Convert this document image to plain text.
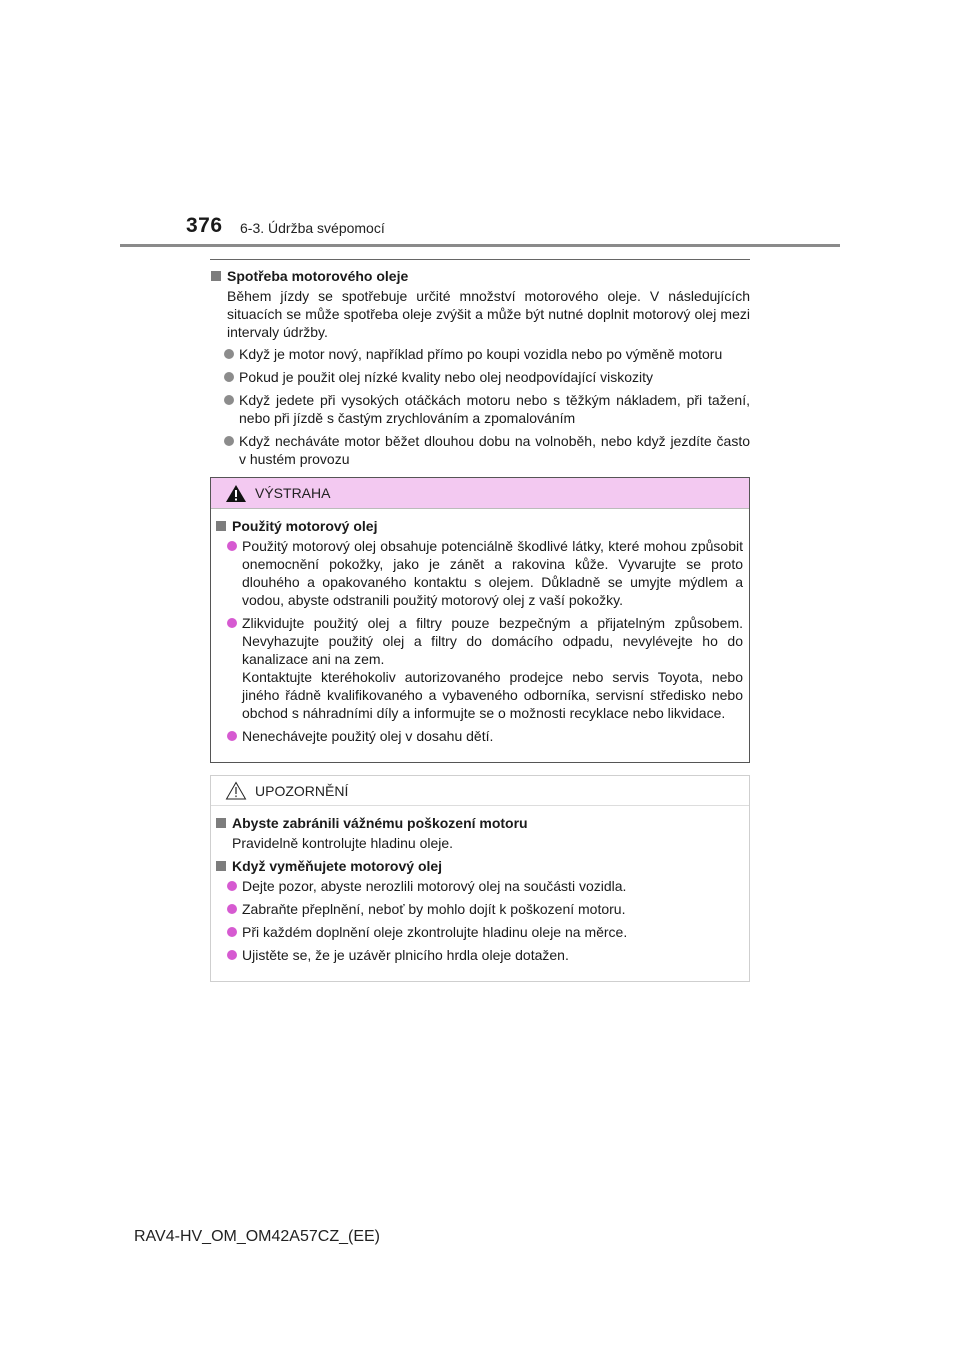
376 6-3. Údržba svépomocí
Spotřeba motorového oleje
Během jízdy se spotřebuje určité množství motorového oleje. V následujících situacích se může spotřeba oleje zvýšit a může být nutné doplnit motorový olej mezi intervaly údržby.
Když je motor nový, například přímo po koupi vozidla nebo po výměně motoru
Pokud je použit olej nízké kvality nebo olej neodpovídající viskozity
Když jedete při vysokých otáčkách motoru nebo s těžkým nákladem, při tažení, nebo při jízdě s častým zrychlováním a zpomalováním
Když necháváte motor běžet dlouhou dobu na volnoběh, nebo když jezdíte často v hustém provozu
VÝSTRAHA
Použitý motorový olej
Použitý motorový olej obsahuje potenciálně škodlivé látky, které mohou způsobit onemocnění pokožky, jako je zánět a rakovina kůže. Vyvarujte se proto dlouhého a opakovaného kontaktu s olejem. Důkladně se umyjte mýdlem a vodou, abyste odstranili použitý motorový olej z vaší pokožky.
Zlikvidujte použitý olej a filtry pouze bezpečným a přijatelným způsobem. Nevyhazujte použitý olej a filtry do domácího odpadu, nevylévejte ho do kanalizace ani na zem.
Kontaktujte kteréhokoliv autorizovaného prodejce nebo servis Toyota, nebo jiného řádně kvalifikovaného a vybaveného odborníka, servisní středisko nebo obchod s náhradními díly a informujte se o možnosti recyklace nebo likvidace.
Nenechávejte použitý olej v dosahu dětí.
UPOZORNĚNÍ
Abyste zabránili vážnému poškození motoru
Pravidelně kontrolujte hladinu oleje.
Když vyměňujete motorový olej
Dejte pozor, abyste nerozlili motorový olej na součásti vozidla.
Zabraňte přeplnění, neboť by mohlo dojít k poškození motoru.
Při každém doplnění oleje zkontrolujte hladinu oleje na měrce.
Ujistěte se, že je uzávěr plnicího hrdla oleje dotažen.
RAV4-HV_OM_OM42A57CZ_(EE)
